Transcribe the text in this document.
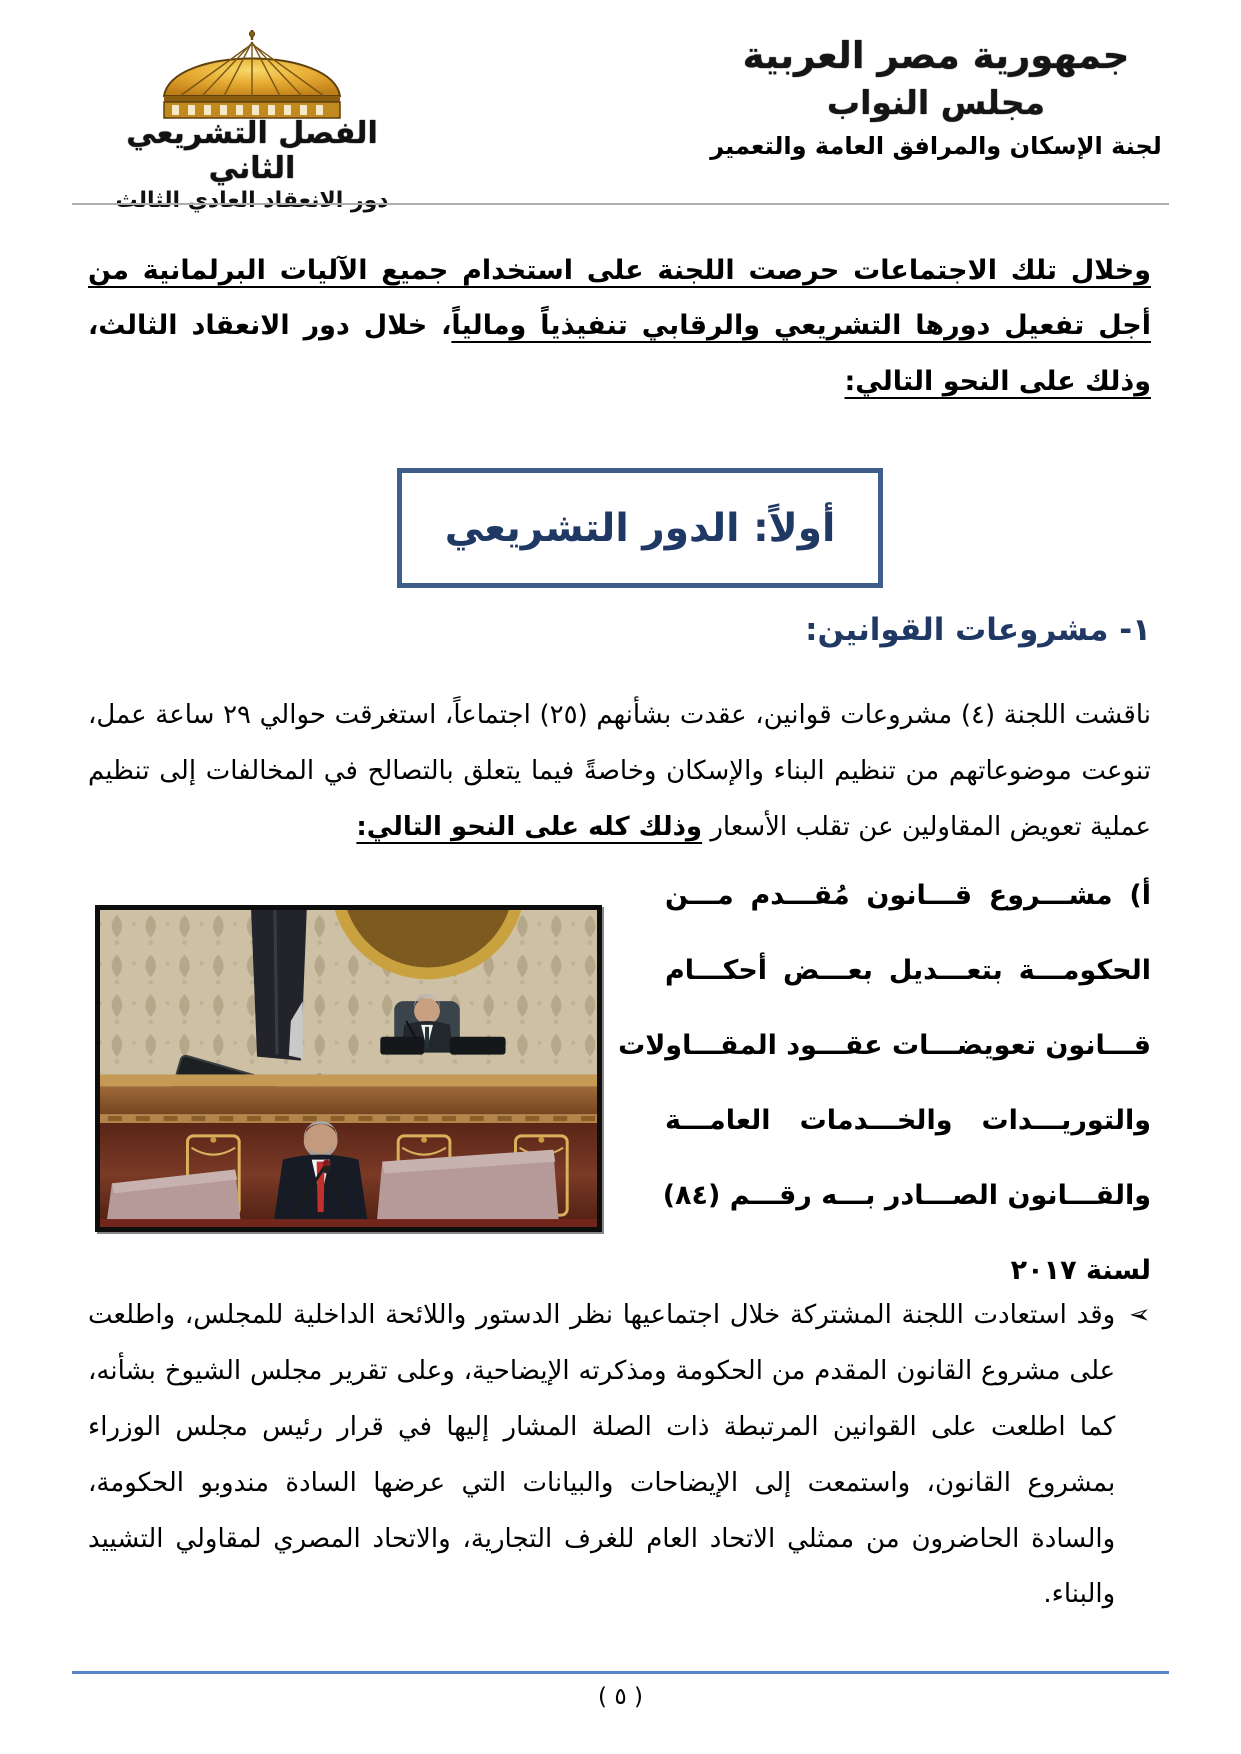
الفصل التشريعي الثاني
دور الانعقاد العادي الثالث
جمهورية مصر العربية
مجلس النواب
لجنة الإسكان والمرافق العامة والتعمير

وخلال تلك الاجتماعات حرصت اللجنة على استخدام جميع الآليات البرلمانية من أجل تفعيل دورها التشريعي والرقابي تنفيذياً ومالياً، خلال دور الانعقاد الثالث، وذلك على النحو التالي:

أولاً: الدور التشريعي
١- مشروعات القوانين:

ناقشت اللجنة (٤) مشروعات قوانين، عقدت بشأنهم (٢٥) اجتماعاً، استغرقت حوالي ٢٩ ساعة عمل، تنوعت موضوعاتهم من تنظيم البناء والإسكان وخاصةً فيما يتعلق بالتصالح في المخالفات إلى تنظيم عملية تعويض المقاولين عن تقلب الأسعار وذلك كله على النحو التالي:

أ) مشـــروع قـــانون مُقـــدم مـــن
الحكومـــة بتعـــديل بعـــض أحكـــام
قـــانون تعويضـــات عقـــود المقـــاولات
والتوريـــدات والخـــدمات العامـــة
والقـــانون الصـــادر بـــه رقـــم (٨٤)
لسنة ٢٠١٧
➢

وقد استعادت اللجنة المشتركة خلال اجتماعيها نظر الدستور واللائحة الداخلية للمجلس، واطلعت على مشروع القانون المقدم من الحكومة ومذكرته الإيضاحية، وعلى تقرير مجلس الشيوخ بشأنه، كما اطلعت على القوانين المرتبطة ذات الصلة المشار إليها في قرار رئيس مجلس الوزراء بمشروع القانون، واستمعت إلى الإيضاحات والبيانات التي عرضها السادة مندوبو الحكومة، والسادة الحاضرون من ممثلي الاتحاد العام للغرف التجارية، والاتحاد المصري لمقاولي التشييد والبناء.

( ٥ )
